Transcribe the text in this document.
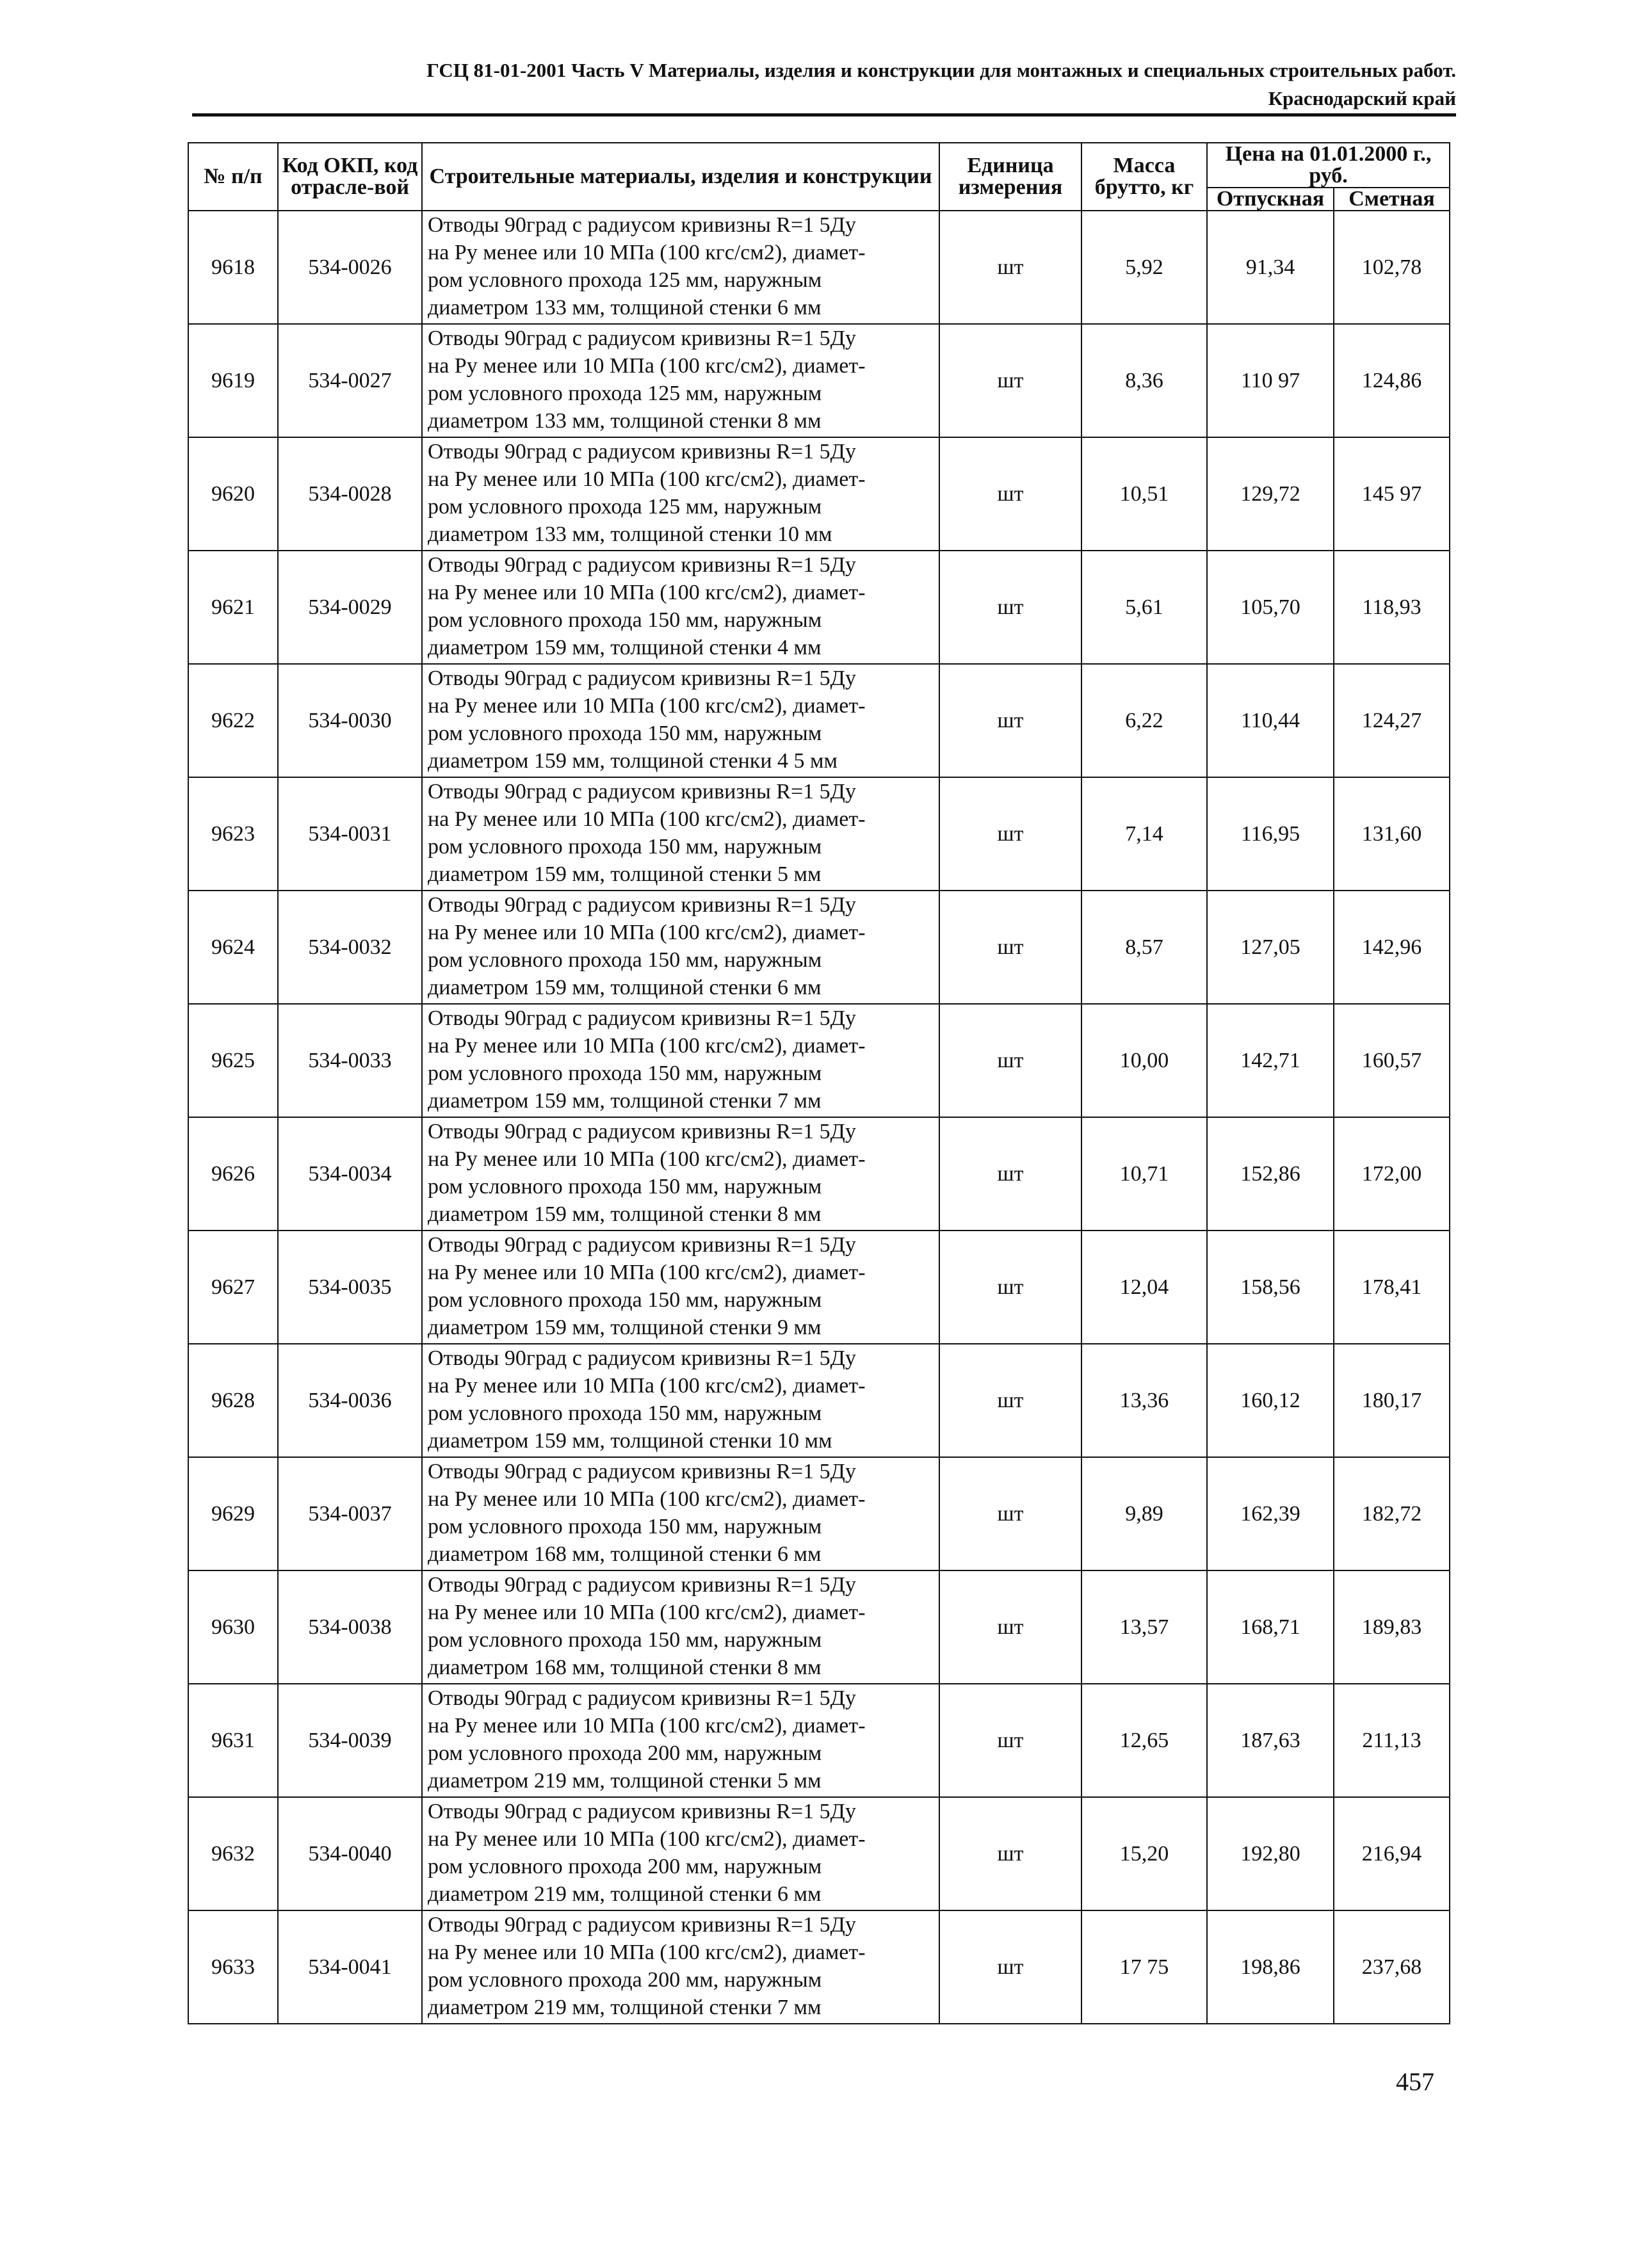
ГСЦ 81-01-2001 Часть V Материалы, изделия и конструкции для монтажных и специальных строительных работ.
Краснодарский край
№ п/п	Код ОКП, код отрасле-вой	Строительные материалы, изделия и конструкции	Единица измерения	Масса брутто, кг	Цена на 01.01.2000 г., руб.	
					Отпускная	Сметная
9618	534-0026	Отводы 90град с радиусом кривизны R=1 5Ду
на Ру менее или 10 МПа (100 кгс/см2), диамет-
ром условного прохода 125 мм, наружным
диаметром 133 мм, толщиной стенки 6 мм	шт	5,92	91,34	102,78
9619	534-0027	Отводы 90град с радиусом кривизны R=1 5Ду
на Ру менее или 10 МПа (100 кгс/см2), диамет-
ром условного прохода 125 мм, наружным
диаметром 133 мм, толщиной стенки 8 мм	шт	8,36	110 97	124,86
9620	534-0028	Отводы 90град с радиусом кривизны R=1 5Ду
на Ру менее или 10 МПа (100 кгс/см2), диамет-
ром условного прохода 125 мм, наружным
диаметром 133 мм, толщиной стенки 10 мм	шт	10,51	129,72	145 97
9621	534-0029	Отводы 90град с радиусом кривизны R=1 5Ду
на Ру менее или 10 МПа (100 кгс/см2), диамет-
ром условного прохода 150 мм, наружным
диаметром 159 мм, толщиной стенки 4 мм	шт	5,61	105,70	118,93
9622	534-0030	Отводы 90град с радиусом кривизны R=1 5Ду
на Ру менее или 10 МПа (100 кгс/см2), диамет-
ром условного прохода 150 мм, наружным
диаметром 159 мм, толщиной стенки 4 5 мм	шт	6,22	110,44	124,27
9623	534-0031	Отводы 90град с радиусом кривизны R=1 5Ду
на Ру менее или 10 МПа (100 кгс/см2), диамет-
ром условного прохода 150 мм, наружным
диаметром 159 мм, толщиной стенки 5 мм	шт	7,14	116,95	131,60
9624	534-0032	Отводы 90град с радиусом кривизны R=1 5Ду
на Ру менее или 10 МПа (100 кгс/см2), диамет-
ром условного прохода 150 мм, наружным
диаметром 159 мм, толщиной стенки 6 мм	шт	8,57	127,05	142,96
9625	534-0033	Отводы 90град с радиусом кривизны R=1 5Ду
на Ру менее или 10 МПа (100 кгс/см2), диамет-
ром условного прохода 150 мм, наружным
диаметром 159 мм, толщиной стенки 7 мм	шт	10,00	142,71	160,57
9626	534-0034	Отводы 90град с радиусом кривизны R=1 5Ду
на Ру менее или 10 МПа (100 кгс/см2), диамет-
ром условного прохода 150 мм, наружным
диаметром 159 мм, толщиной стенки 8 мм	шт	10,71	152,86	172,00
9627	534-0035	Отводы 90град с радиусом кривизны R=1 5Ду
на Ру менее или 10 МПа (100 кгс/см2), диамет-
ром условного прохода 150 мм, наружным
диаметром 159 мм, толщиной стенки 9 мм	шт	12,04	158,56	178,41
9628	534-0036	Отводы 90град с радиусом кривизны R=1 5Ду
на Ру менее или 10 МПа (100 кгс/см2), диамет-
ром условного прохода 150 мм, наружным
диаметром 159 мм, толщиной стенки 10 мм	шт	13,36	160,12	180,17
9629	534-0037	Отводы 90град с радиусом кривизны R=1 5Ду
на Ру менее или 10 МПа (100 кгс/см2), диамет-
ром условного прохода 150 мм, наружным
диаметром 168 мм, толщиной стенки 6 мм	шт	9,89	162,39	182,72
9630	534-0038	Отводы 90град с радиусом кривизны R=1 5Ду
на Ру менее или 10 МПа (100 кгс/см2), диамет-
ром условного прохода 150 мм, наружным
диаметром 168 мм, толщиной стенки 8 мм	шт	13,57	168,71	189,83
9631	534-0039	Отводы 90град с радиусом кривизны R=1 5Ду
на Ру менее или 10 МПа (100 кгс/см2), диамет-
ром условного прохода 200 мм, наружным
диаметром 219 мм, толщиной стенки 5 мм	шт	12,65	187,63	211,13
9632	534-0040	Отводы 90град с радиусом кривизны R=1 5Ду
на Ру менее или 10 МПа (100 кгс/см2), диамет-
ром условного прохода 200 мм, наружным
диаметром 219 мм, толщиной стенки 6 мм	шт	15,20	192,80	216,94
9633	534-0041	Отводы 90град с радиусом кривизны R=1 5Ду
на Ру менее или 10 МПа (100 кгс/см2), диамет-
ром условного прохода 200 мм, наружным
диаметром 219 мм, толщиной стенки 7 мм	шт	17 75	198,86	237,68
457
